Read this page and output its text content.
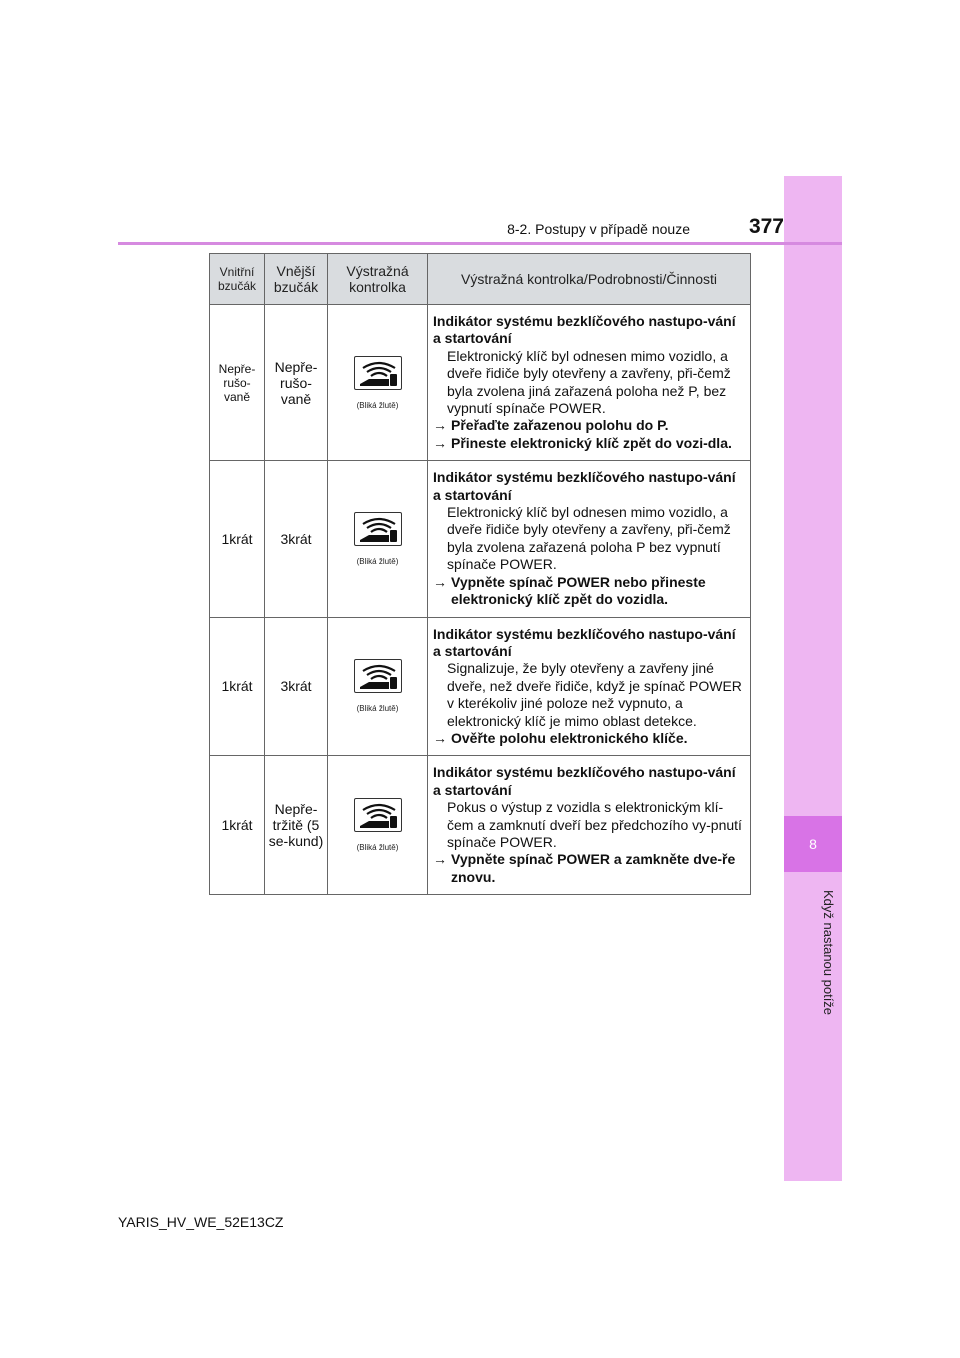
8
Když nastanou potíže
8-2. Postupy v případě nouze	377
Vnitřní bzučák	Vnější bzučák	Výstražná kontrolka	Výstražná kontrolka/Podrobnosti/Činnosti
Nepře-rušo-vaně	Nepře-rušo-vaně	(Bliká žlutě)	Indikátor systému bezklíčového nastupo-vání a startování
Elektronický klíč byl odnesen mimo vozidlo, a dveře řidiče byly otevřeny a zavřeny, při-čemž byla zvolena jiná zařazená poloha než P, bez vypnutí spínače POWER.
→ Přeřaďte zařazenou polohu do P.
→ Přineste elektronický klíč zpět do vozi-dla.

1krát	3krát	(Bliká žlutě)	Indikátor systému bezklíčového nastupo-vání a startování
Elektronický klíč byl odnesen mimo vozidlo, a dveře řidiče byly otevřeny a zavřeny, při-čemž byla zvolena zařazená poloha P bez vypnutí spínače POWER.
→ Vypněte spínač POWER nebo přineste elektronický klíč zpět do vozidla.

1krát	3krát	(Bliká žlutě)	Indikátor systému bezklíčového nastupo-vání a startování
Signalizuje, že byly otevřeny a zavřeny jiné dveře, než dveře řidiče, když je spínač POWER v kterékoliv jiné poloze než vypnuto, a elektronický klíč je mimo oblast detekce.
→ Ověřte polohu elektronického klíče.

1krát	Nepře-tržitě (5 se-kund)	(Bliká žlutě)	Indikátor systému bezklíčového nastupo-vání a startování
Pokus o výstup z vozidla s elektronickým klí-čem a zamknutí dveří bez předchozího vy-pnutí spínače POWER.
→ Vypněte spínač POWER a zamkněte dve-ře znovu.
YARIS_HV_WE_52E13CZ
